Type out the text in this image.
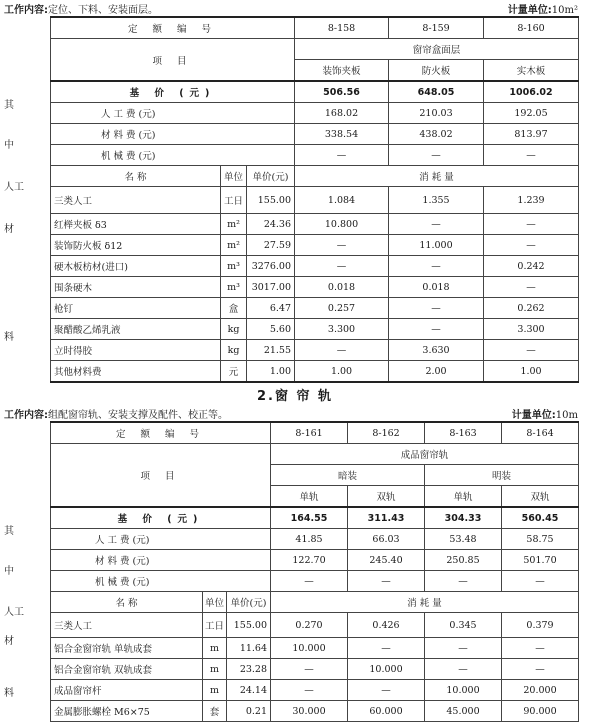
工作内容:定位、下料、安装面层。	计量单位:10m²
其
中
人工
材
料
定 额 编 号			8-158	8-159	8-160
项 目			窗帘盒面层		
			装饰夹板	防火板	实木板
基 价 (元)			506.56	648.05	1006.02
人 工 费 (元)			168.02	210.03	192.05
材 料 费 (元)			338.54	438.02	813.97
机 械 费 (元)			—	—	—
名 称	单位	单价(元)	消 耗 量		
三类人工	工日	155.00	1.084	1.355	1.239
红榉夹板 δ3	m²	24.36	10.800	—	—
装饰防火板 δ12	m²	27.59	—	11.000	—
硬木板枋材(进口)	m³	3276.00	—	—	0.242
围条硬木	m³	3017.00	0.018	0.018	—
枪钉	盒	6.47	0.257	—	0.262
聚醋酸乙烯乳液	kg	5.60	3.300	—	3.300
立时得胶	kg	21.55	—	3.630	—
其他材料费	元	1.00	1.00	2.00	1.00
2.窗 帘 轨
工作内容:组配窗帘轨、安装支撑及配件、校正等。	计量单位:10m
其
中
人工
材
料
定 额 编 号			8-161	8-162	8-163	8-164
项 目			成品窗帘轨			
			暗装		明装	
			单轨	双轨	单轨	双轨
基 价 (元)			164.55	311.43	304.33	560.45
人 工 费 (元)			41.85	66.03	53.48	58.75
材 料 费 (元)			122.70	245.40	250.85	501.70
机 械 费 (元)			—	—	—	—
名 称	单位	单价(元)	消 耗 量			
三类人工	工日	155.00	0.270	0.426	0.345	0.379
铝合金窗帘轨 单轨成套	m	11.64	10.000	—	—	—
铝合金窗帘轨 双轨成套	m	23.28	—	10.000	—	—
成品窗帘杆	m	24.14	—	—	10.000	20.000
金属膨胀螺栓 M6×75	套	0.21	30.000	60.000	45.000	90.000
